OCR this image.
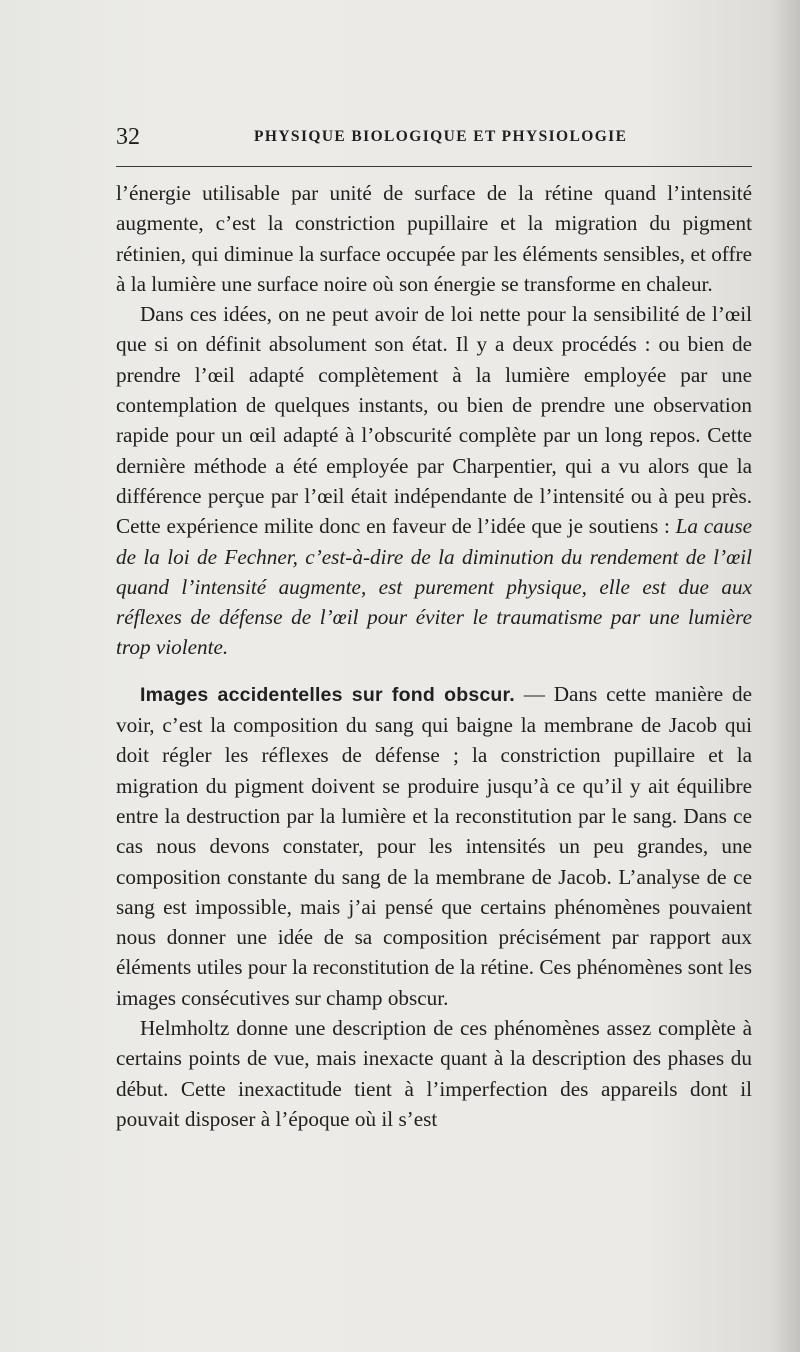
32	PHYSIQUE BIOLOGIQUE ET PHYSIOLOGIE

l’énergie utilisable par unité de surface de la rétine quand l’intensité augmente, c’est la constriction pupillaire et la migration du pigment rétinien, qui diminue la surface occupée par les éléments sensibles, et offre à la lumière une surface noire où son énergie se transforme en chaleur.

Dans ces idées, on ne peut avoir de loi nette pour la sensibilité de l’œil que si on définit absolument son état. Il y a deux procédés : ou bien de prendre l’œil adapté complètement à la lumière employée par une contemplation de quelques instants, ou bien de prendre une observation rapide pour un œil adapté à l’obscurité complète par un long repos. Cette dernière méthode a été employée par Charpentier, qui a vu alors que la différence perçue par l’œil était indépendante de l’intensité ou à peu près. Cette expérience milite donc en faveur de l’idée que je soutiens : La cause de la loi de Fechner, c’est-à-dire de la diminution du rendement de l’œil quand l’intensité augmente, est purement physique, elle est due aux réflexes de défense de l’œil pour éviter le traumatisme par une lumière trop violente.

Images accidentelles sur fond obscur. — Dans cette manière de voir, c’est la composition du sang qui baigne la membrane de Jacob qui doit régler les réflexes de défense ; la constriction pupillaire et la migration du pigment doivent se produire jusqu’à ce qu’il y ait équilibre entre la destruction par la lumière et la reconstitution par le sang. Dans ce cas nous devons constater, pour les intensités un peu grandes, une composition constante du sang de la membrane de Jacob. L’analyse de ce sang est impossible, mais j’ai pensé que certains phénomènes pouvaient nous donner une idée de sa composition précisément par rapport aux éléments utiles pour la reconstitution de la rétine. Ces phénomènes sont les images consécutives sur champ obscur.

Helmholtz donne une description de ces phénomènes assez complète à certains points de vue, mais inexacte quant à la description des phases du début. Cette inexactitude tient à l’imperfection des appareils dont il pouvait disposer à l’époque où il s’est
